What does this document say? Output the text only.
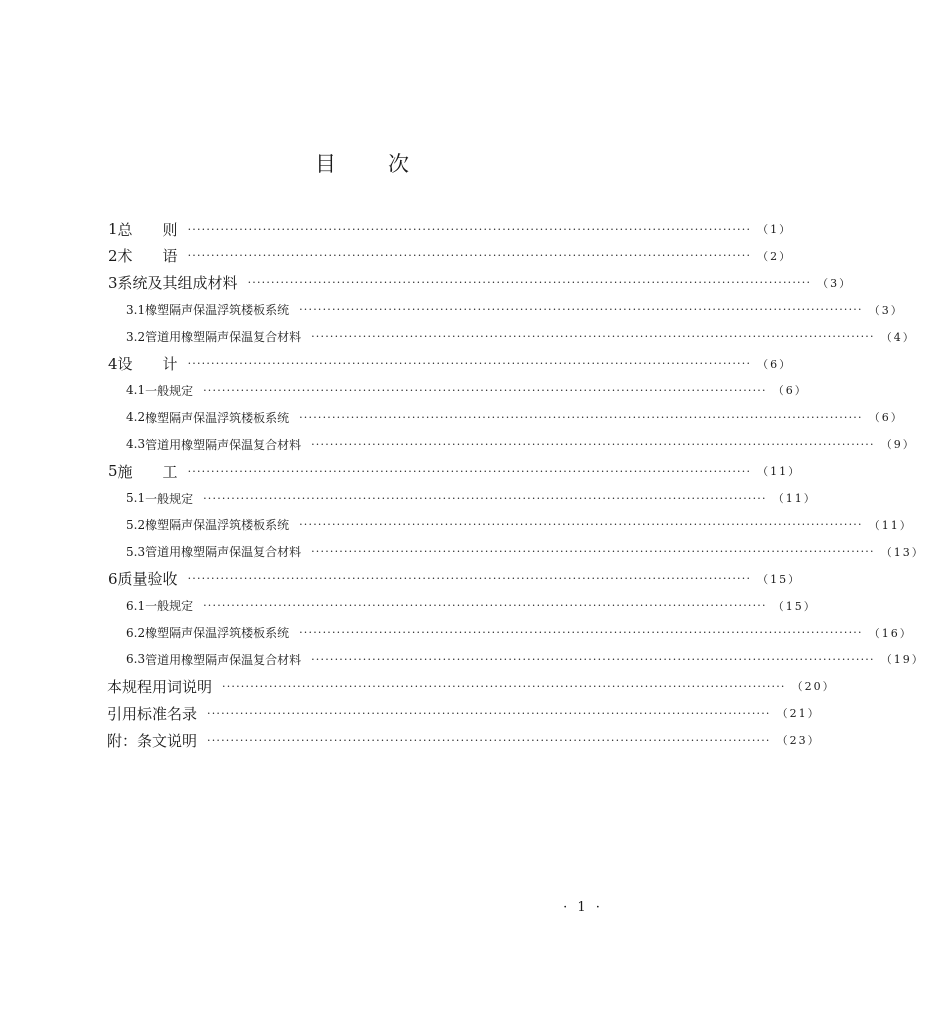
目 次
1 总　　则 ························································································································ （1）
2 术　　语 ························································································································ （2）
3 系统及其组成材料 ························································································································ （3）
3.1 橡塑隔声保温浮筑楼板系统 ························································································································ （3）
3.2 管道用橡塑隔声保温复合材料 ························································································································ （4）
4 设　　计 ························································································································ （6）
4.1 一般规定 ························································································································ （6）
4.2 橡塑隔声保温浮筑楼板系统 ························································································································ （6）
4.3 管道用橡塑隔声保温复合材料 ························································································································ （9）
5 施　　工 ························································································································ （11）
5.1 一般规定 ························································································································ （11）
5.2 橡塑隔声保温浮筑楼板系统 ························································································································ （11）
5.3 管道用橡塑隔声保温复合材料 ························································································································ （13）
6 质量验收 ························································································································ （15）
6.1 一般规定 ························································································································ （15）
6.2 橡塑隔声保温浮筑楼板系统 ························································································································ （16）
6.3 管道用橡塑隔声保温复合材料 ························································································································ （19）
本规程用词说明 ························································································································ （20）
引用标准名录 ························································································································ （21）
附：条文说明 ························································································································ （23）
· 1 ·
